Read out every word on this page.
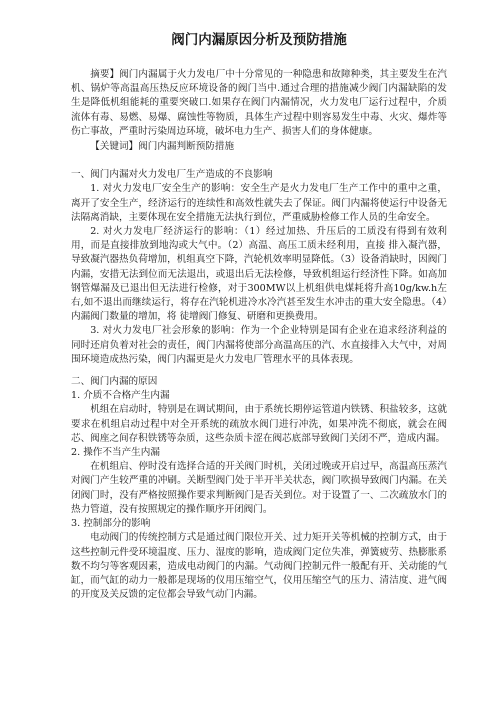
阀门内漏原因分析及预防措施

摘要】阀门内漏属于火力发电厂中十分常见的一种隐患和故障种类，其主要发生在汽机、锅炉等高温高压热反应环境设备的阀门当中.通过合理的措施减少阀门内漏缺陷的发生是降低机组能耗的重要突破口.如果存在阀门内漏情况，火力发电厂运行过程中，介质流体有毒、易燃、易爆、腐蚀性等物质，具体生产过程中则容易发生中毒、火灾、爆炸等伤亡事故，严重时污染周边环境，破坏电力生产、损害人们的身体健康。

【关键词】阀门内漏判断预防措施

一、阀门内漏对火力发电厂生产造成的不良影响

1. 对火力发电厂安全生产的影响：安全生产是火力发电厂生产工作中的重中之重，离开了安全生产，经济运行的连续性和高效性就失去了保证。阀门内漏将使运行中设备无法隔离消缺，主要体现在安全措施无法执行到位，严重威胁检修工作人员的生命安全。

2. 对火力发电厂经济运行的影响：（1）经过加热、升压后的工质没有得到有效利用，而是直接排放到地沟或大气中。（2）高温、高压工质未经利用，直接 排入凝汽器，导致凝汽器热负荷增加，机组真空下降，汽轮机效率明显降低。（3）设备消缺时，因阀门内漏，安措无法到位而无法退出，或退出后无法检修，导致机组运行经济性下降。如高加钢管爆漏及已退出但无法进行检修，对于300MW以上机组供电煤耗将升高10g/kw.h左右,如不退出而继续运行，将存在汽轮机进冷水冷汽甚至发生水冲击的重大安全隐患。（4）内漏阀门数量的增加，将 徒增阀门修复、研磨和更换费用。

3. 对火力发电厂社会形象的影响：作为一个企业特别是国有企业在追求经济利益的同时还肩负着对社会的责任，阀门内漏将使部分高温高压的汽、水直接排入大气中，对周围环境造成热污染，阀门内漏更是火力发电厂管理水平的具体表现。

二、阀门内漏的原因

1. 介质不合格产生内漏

机组在启动时，特别是在调试期间，由于系统长期停运管道内铁锈、积盐较多，这就要求在机组启动过程中对全开系统的疏放水阀门进行冲洗，如果冲洗不彻底，就会在阀芯、阀座之间存积铁锈等杂质，这些杂质卡涩在阀芯底部导致阀门关闭不严，造成内漏。

2. 操作不当产生内漏

在机组启、停时没有选择合适的开关阀门时机，关闭过晚或开启过早，高温高压蒸汽对阀门产生较严重的冲刷。关断型阀门处于半开半关状态，阀门吹损导致阀门内漏。在关闭阀门时，没有严格按照操作要求判断阀门是否关到位。对于设置了一、二次疏放水门的热力管道，没有按照规定的操作顺序开闭阀门。

3. 控制部分的影响

电动阀门的传统控制方式是通过阀门限位开关、过力矩开关等机械的控制方式，由于这些控制元件受环境温度、压力、湿度的影响，造成阀门定位失准，弹簧疲劳、热膨胀系数不均匀等客观因素，造成电动阀门的内漏。气动阀门控制元件一般配有开、关动能的气缸，而气缸的动力一般都是现场的仪用压缩空气，仪用压缩空气的压力、清洁度、进气阀的开度及关反馈的定位都会导致气动门内漏。
